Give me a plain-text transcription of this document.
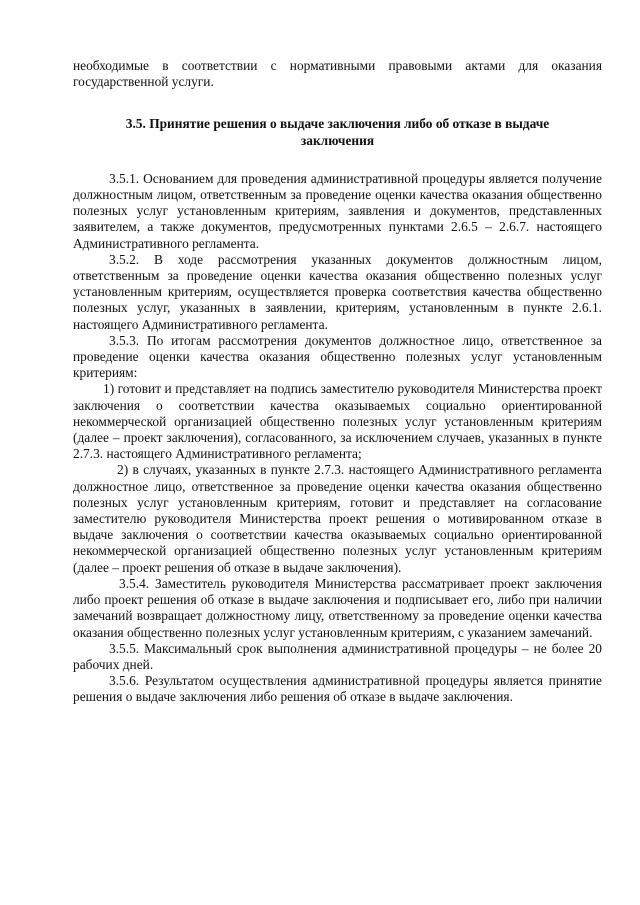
необходимые в соответствии с нормативными правовыми актами для оказания государственной услуги.

3.5. Принятие решения о выдаче заключения либо об отказе в выдаче заключения

3.5.1. Основанием для проведения административной процедуры является получение должностным лицом, ответственным за проведение оценки качества оказания общественно полезных услуг установленным критериям, заявления и документов, представленных заявителем, а также документов, предусмотренных пунктами 2.6.5 – 2.6.7. настоящего Административного регламента.

3.5.2. В ходе рассмотрения указанных документов должностным лицом, ответственным за проведение оценки качества оказания общественно полезных услуг установленным критериям, осуществляется проверка соответствия качества общественно полезных услуг, указанных в заявлении, критериям, установленным в пункте 2.6.1. настоящего Административного регламента.

3.5.3. По итогам рассмотрения документов должностное лицо, ответственное за проведение оценки качества оказания общественно полезных услуг установленным критериям:

1) готовит и представляет на подпись заместителю руководителя Министерства проект заключения о соответствии качества оказываемых социально ориентированной некоммерческой организацией общественно полезных услуг установленным критериям (далее – проект заключения), согласованного, за исключением случаев, указанных в пункте 2.7.3. настоящего Административного регламента;

2) в случаях, указанных в пункте 2.7.3. настоящего Административного регламента должностное лицо, ответственное за проведение оценки качества оказания общественно полезных услуг установленным критериям, готовит и представляет на согласование заместителю руководителя Министерства проект решения о мотивированном отказе в выдаче заключения о соответствии качества оказываемых социально ориентированной некоммерческой организацией общественно полезных услуг установленным критериям (далее – проект решения об отказе в выдаче заключения).

3.5.4. Заместитель руководителя Министерства рассматривает проект заключения либо проект решения об отказе в выдаче заключения и подписывает его, либо при наличии замечаний возвращает должностному лицу, ответственному за проведение оценки качества оказания общественно полезных услуг установленным критериям, с указанием замечаний.

3.5.5. Максимальный срок выполнения административной процедуры – не более 20 рабочих дней.

3.5.6. Результатом осуществления административной процедуры является принятие решения о выдаче заключения либо решения об отказе в выдаче заключения.
